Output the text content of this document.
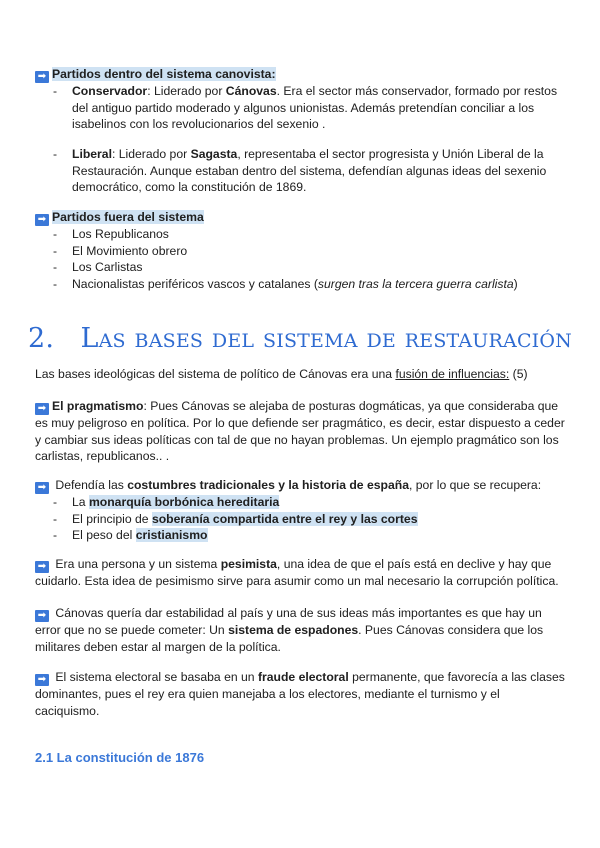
➡ Partidos dentro del sistema canovista:

- Conservador: Liderado por Cánovas. Era el sector más conservador, formado por restos del antiguo partido moderado y algunos unionistas. Además pretendían conciliar a los isabelinos con los revolucionarios del sexenio .
- Liberal: Liderado por Sagasta, representaba el sector progresista y Unión Liberal de la Restauración. Aunque estaban dentro del sistema, defendían algunas ideas del sexenio democrático, como la constitución de 1869.

➡ Partidos fuera del sistema

- Los Republicanos
- El Movimiento obrero
- Los Carlistas
- Nacionalistas periféricos vascos y catalanes (surgen tras la tercera guerra carlista)
2.   Las bases del sistema de restauración

Las bases ideológicas del sistema de político de Cánovas era una fusión de influencias: (5)

➡ El pragmatismo: Pues Cánovas se alejaba de posturas dogmáticas, ya que consideraba que es muy peligroso en política. Por lo que defiende ser pragmático, es decir, estar dispuesto a ceder y cambiar sus ideas políticas con tal de que no hayan problemas. Un ejemplo pragmático son los carlistas, republicanos.. .

➡ Defendía las costumbres tradicionales y la historia de españa, por lo que se recupera:

- La monarquía borbónica hereditaria
- El principio de soberanía compartida entre el rey y las cortes
- El peso del cristianismo

➡ Era una persona y un sistema pesimista, una idea de que el país está en declive y hay que cuidarlo. Esta idea de pesimismo sirve para asumir como un mal necesario la corrupción política.

➡ Cánovas quería dar estabilidad al país y una de sus ideas más importantes es que hay un error que no se puede cometer: Un sistema de espadones. Pues Cánovas considera que los militares deben estar al margen de la política.

➡ El sistema electoral se basaba en un fraude electoral permanente, que favorecía a las clases dominantes, pues el rey era quien manejaba a los electores, mediante el turnismo y el caciquismo.

2.1 La constitución de 1876
